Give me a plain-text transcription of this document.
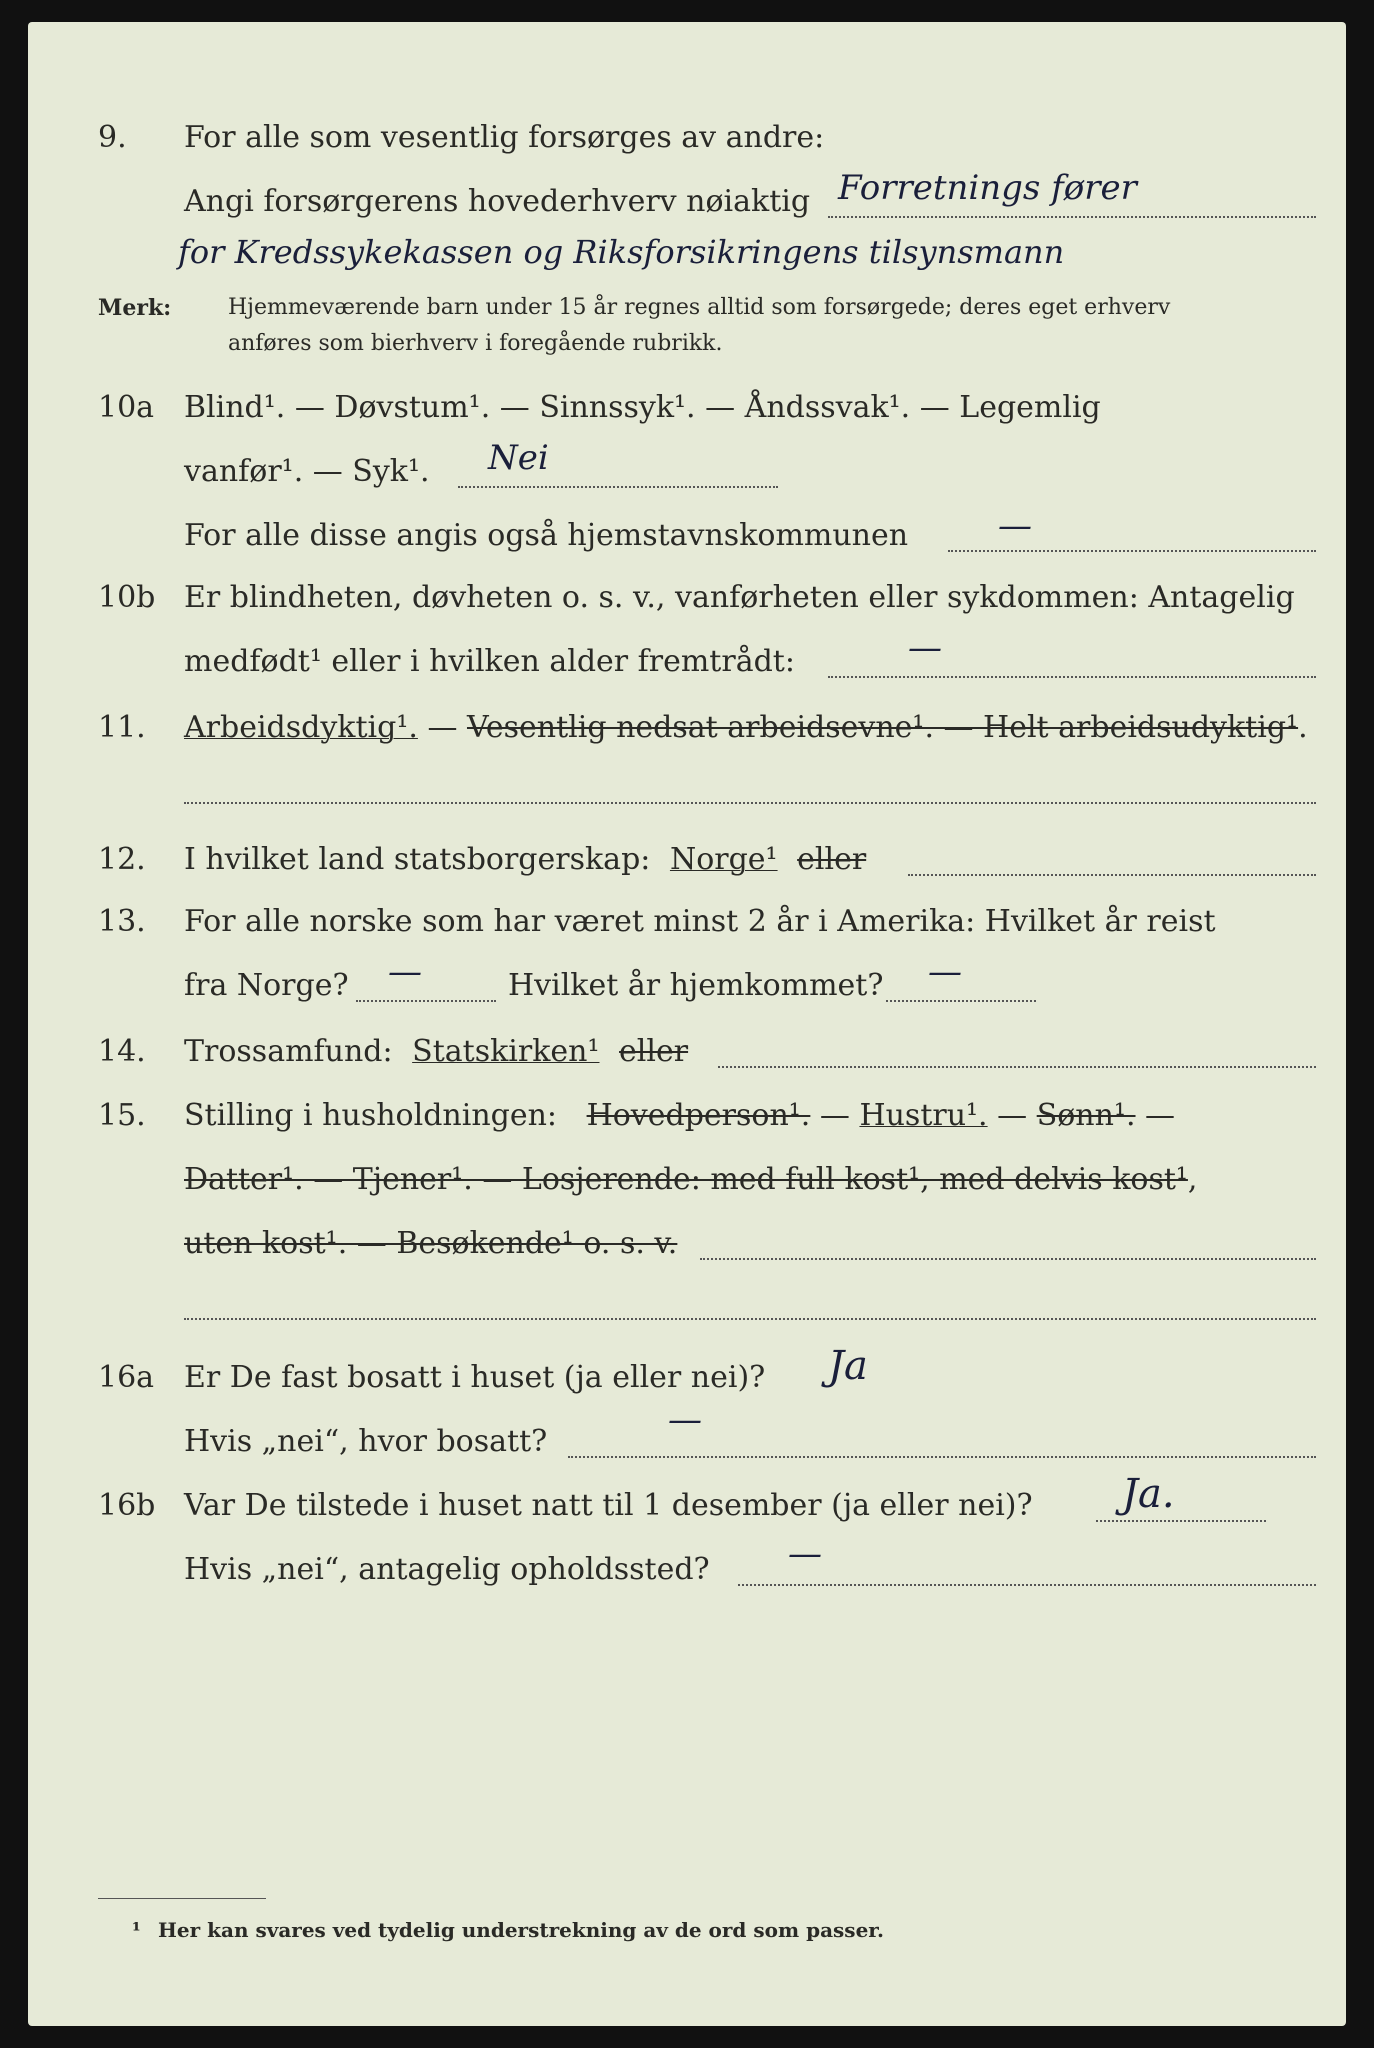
9. For alle som vesentlig forsørges av andre:
Angi forsørgerens hovederhverv nøiaktig Forretnings fører
for Kredssykekassen og Riksforsikringens tilsynsmann
Merk:	Hjemmeværende barn under 15 år regnes alltid som forsørgede; deres eget erhverv
anføres som bierhverv i foregående rubrikk.
10a Blind¹. — Døvstum¹. — Sinnssyk¹. — Åndssvak¹. — Legemlig
vanfør¹. — Syk¹. Nei
For alle disse angis også hjemstavnskommunen	—
10b Er blindheten, døvheten o. s. v., vanførheten eller sykdommen: Antagelig
medfødt¹ eller i hvilken alder fremtrådt:	—
11. Arbeidsdyktig¹. — Vesentlig nedsat arbeidsevne¹. — Helt arbeidsudyktig¹.
12. I hvilket land statsborgerskap: Norge¹ eller
13. For alle norske som har været minst 2 år i Amerika: Hvilket år reist
fra Norge? —	Hvilket år hjemkommet? —
14. Trossamfund: Statskirken¹ eller
15. Stilling i husholdningen: Hovedperson¹. — Hustru¹. — Sønn¹. —
Datter¹. — Tjener¹. — Losjerende: med full kost¹, med delvis kost¹,
uten kost¹. — Besøkende¹ o. s. v.
16a Er De fast bosatt i huset (ja eller nei)? Ja
Hvis „nei“, hvor bosatt?
—
16b Var De tilstede i huset natt til 1 desember (ja eller nei)? Ja.
Hvis „nei“, antagelig opholdssted? —
¹ Her kan svares ved tydelig understrekning av de ord som passer.
